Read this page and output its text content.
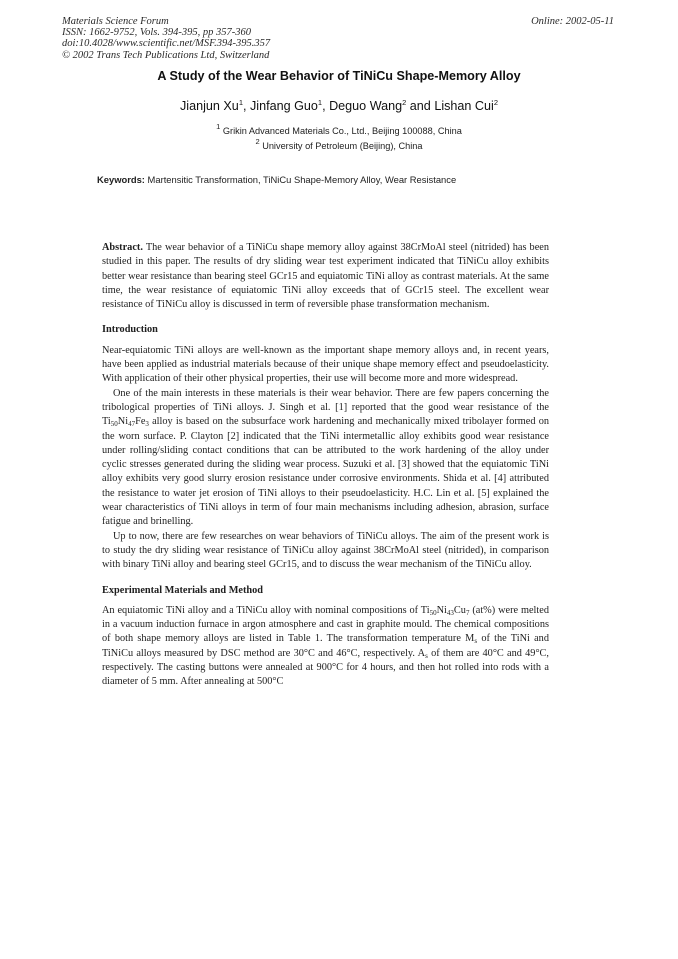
Materials Science Forum
ISSN: 1662-9752, Vols. 394-395, pp 357-360
doi:10.4028/www.scientific.net/MSF.394-395.357
© 2002 Trans Tech Publications Ltd, Switzerland
Online: 2002-05-11
A Study of the Wear Behavior of TiNiCu Shape-Memory Alloy
Jianjun Xu$^1$, Jinfang Guo$^1$, Deguo Wang$^2$ and Lishan Cui$^2$
$^1$ Grikin Advanced Materials Co., Ltd., Beijing 100088, China
$^2$ University of Petroleum (Beijing), China
Keywords: Martensitic Transformation, TiNiCu Shape-Memory Alloy, Wear Resistance

Abstract. The wear behavior of a TiNiCu shape memory alloy against 38CrMoAl steel (nitrided) has been studied in this paper. The results of dry sliding wear test experiment indicated that TiNiCu alloy exhibits better wear resistance than bearing steel GCr15 and equiatomic TiNi alloy as contrast materials. At the same time, the wear resistance of equiatomic TiNi alloy exceeds that of GCr15 steel. The excellent wear resistance of TiNiCu alloy is discussed in term of reversible phase transformation mechanism.

Introduction

Near-equiatomic TiNi alloys are well-known as the important shape memory alloys and, in recent years, have been applied as industrial materials because of their unique shape memory effect and pseudoelasticity. With application of their other physical properties, their use will become more and more widespread.

One of the main interests in these materials is their wear behavior. There are few papers concerning the tribological properties of TiNi alloys. J. Singh et al. [1] reported that the good wear resistance of the $Ti_{50}Ni_{47}Fe_3$ alloy is based on the subsurface work hardening and mechanically mixed tribolayer formed on the worn surface. P. Clayton [2] indicated that the TiNi intermetallic alloy exhibits good wear resistance under rolling/sliding contact conditions that can be attributed to the work hardening of the alloy under cyclic stresses generated during the sliding wear process. Suzuki et al. [3] showed that the equiatomic TiNi alloy exhibits very good slurry erosion resistance under corrosive environments. Shida et al. [4] attributed the resistance to water jet erosion of TiNi alloys to their pseudoelasticity. H.C. Lin et al. [5] explained the wear characteristics of TiNi alloys in term of four main mechanisms including adhesion, abrasion, surface fatigue and brinelling.

Up to now, there are few researches on wear behaviors of TiNiCu alloys. The aim of the present work is to study the dry sliding wear resistance of TiNiCu alloy against 38CrMoAl steel (nitrided), in comparison with binary TiNi alloy and bearing steel GCr15, and to discuss the wear mechanism of the TiNiCu alloy.

Experimental Materials and Method

An equiatomic TiNi alloy and a TiNiCu alloy with nominal compositions of $Ti_{50}Ni_{43}Cu_7$ (at%) were melted in a vacuum induction furnace in argon atmosphere and cast in graphite mould. The chemical compositions of both shape memory alloys are listed in Table 1. The transformation temperature $M_s$ of the TiNi and TiNiCu alloys measured by DSC method are 30°C and 46°C, respectively. $A_s$ of them are 40°C and 49°C, respectively. The casting buttons were annealed at 900°C for 4 hours, and then hot rolled into rods with a diameter of 5 mm. After annealing at 500°C
